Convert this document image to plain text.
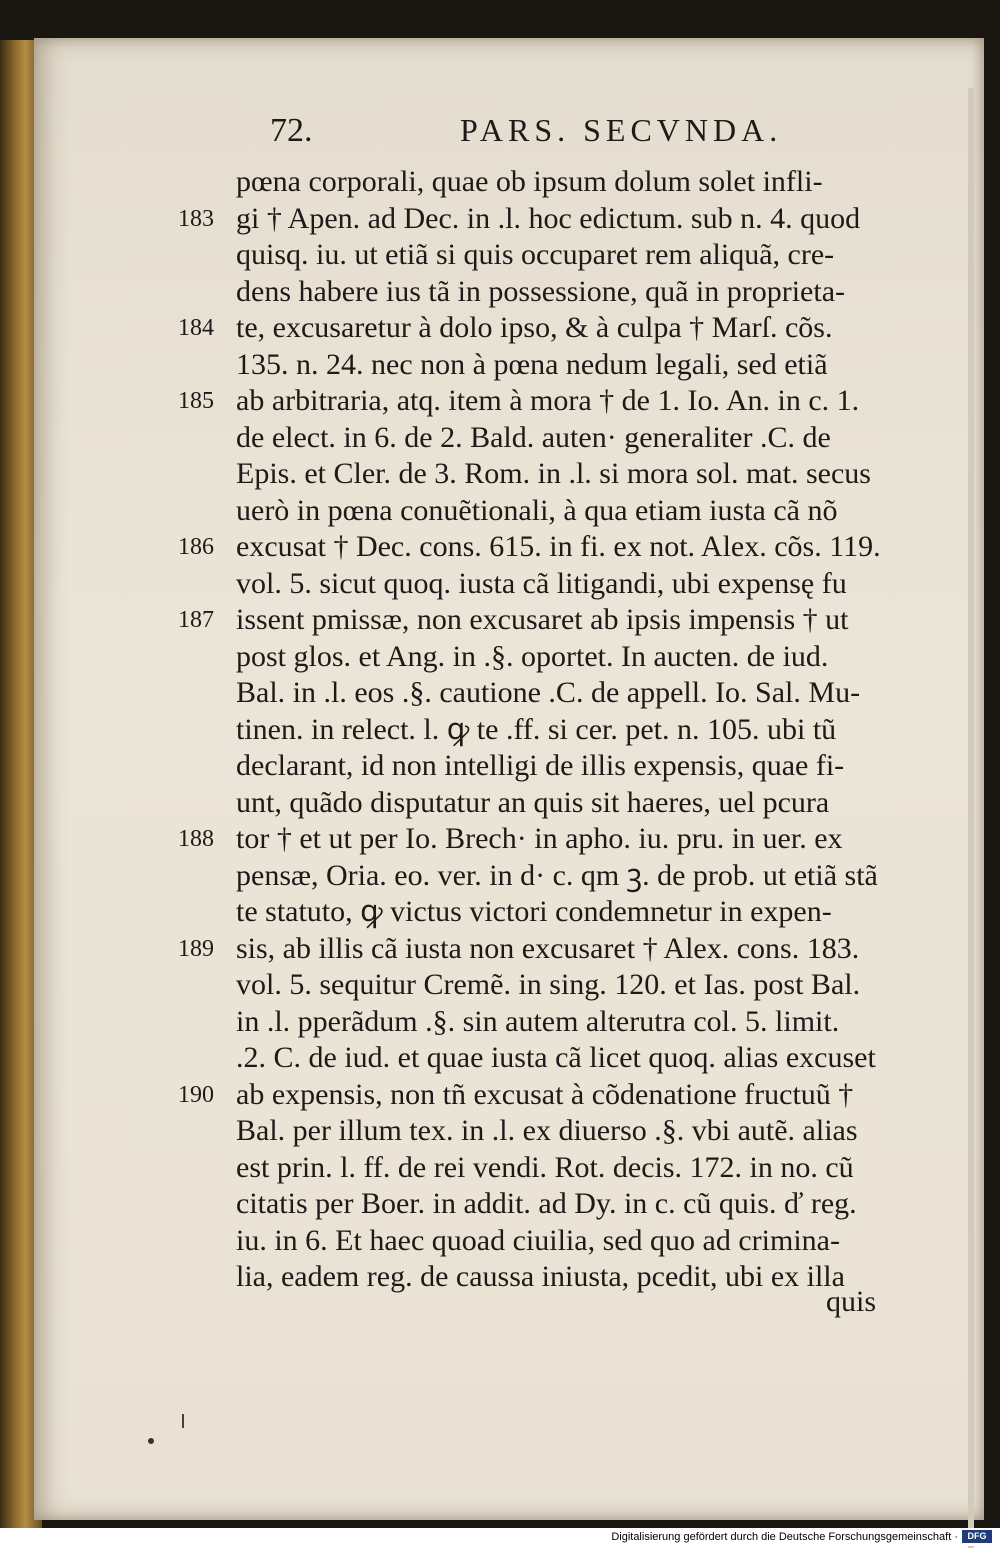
72.	PARS. SECVNDA.
pœna corporali, quae ob ipsum dolum solet infli-
gi † Apen. ad Dec. in .l. hoc edictum. sub n. 4. quod
183
quisq. iu. ut etiã si quis occuparet rem aliquã, cre-
dens habere ius tã in possessione, quã in proprieta-
te, excusaretur à dolo ipso, & à culpa † Marſ. cõs.
184
135. n. 24. nec non à pœna nedum legali, sed etiã
ab arbitraria, atq. item à mora † de 1. Io. An. in c. 1.
185
de elect. in 6. de 2. Bald. auten· generaliter .C. de
Epis. et Cler. de 3. Rom. in .l. si mora sol. mat. secus
uerò in pœna conuẽtionali, à qua etiam iusta cã nõ
excusat † Dec. cons. 615. in fi. ex not. Alex. cõs. 119.
186
vol. 5. sicut quoq. iusta cã litigandi, ubi expensę fu
issent pmissæ, non excusaret ab ipsis impensis † ut
187
post glos. et Ang. in .§. oportet. In aucten. de iud.
Bal. in .l. eos .§. cautione .C. de appell. Io. Sal. Mu-
tinen. in relect. l. ꝙ te .ff. si cer. pet. n. 105. ubi tũ
declarant, id non intelligi de illis expensis, quae fi-
unt, quãdo disputatur an quis sit haeres, uel pcura
tor † et ut per Io. Brech· in apho. iu. pru. in uer. ex
188
pensæ, Oria. eo. ver. in d· c. qm ꝫ. de prob. ut etiã stã
te statuto, ꝙ victus victori condemnetur in expen-
sis, ab illis cã iusta non excusaret † Alex. cons. 183.
189
vol. 5. sequitur Cremẽ. in sing. 120. et Ias. post Bal.
in .l. pperãdum .§. sin autem alterutra col. 5. limit.
.2. C. de iud. et quae iusta cã licet quoq. alias excuset
ab expensis, non tñ excusat à cõdenatione fructuũ †
190
Bal. per illum tex. in .l. ex diuerso .§. vbi autẽ. alias
est prin. l. ff. de rei vendi. Rot. decis. 172. in no. cũ
citatis per Boer. in addit. ad Dy. in c. cũ quis. ď reg.
iu. in 6. Et haec quoad ciuilia, sed quo ad crimina-
lia, eadem reg. de caussa iniusta, pcedit, ubi ex illa
quis
Digitalisierung gefördert durch die Deutsche Forschungsgemeinschaft ·	DFG
